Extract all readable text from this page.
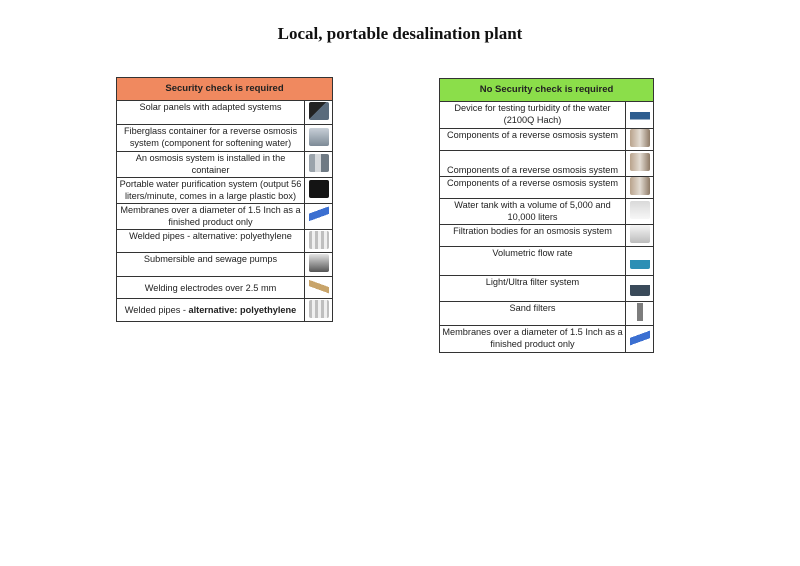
Local, portable desalination plant
Security check is required	
Solar panels with adapted systems	
Fiberglass container for a reverse osmosis system (component for softening water)	
An osmosis system is installed in the container	
Portable water purification system (output 56 liters/minute, comes in a large plastic box)	
Membranes over a diameter of 1.5 Inch as a finished product only	
Welded pipes - alternative: polyethylene	
Submersible and sewage pumps	
Welding electrodes over 2.5 mm	
Welded pipes - alternative: polyethylene	
No Security check is required	
Device for testing turbidity of the water (2100Q Hach)	
Components of a reverse osmosis system	
Components of a reverse osmosis system	
Components of a reverse osmosis system	
Water tank with a volume of 5,000 and 10,000 liters	
Filtration bodies for an osmosis system	
Volumetric flow rate	
Light/Ultra filter system	
Sand filters	
Membranes over a diameter of 1.5 Inch as a finished product only	
